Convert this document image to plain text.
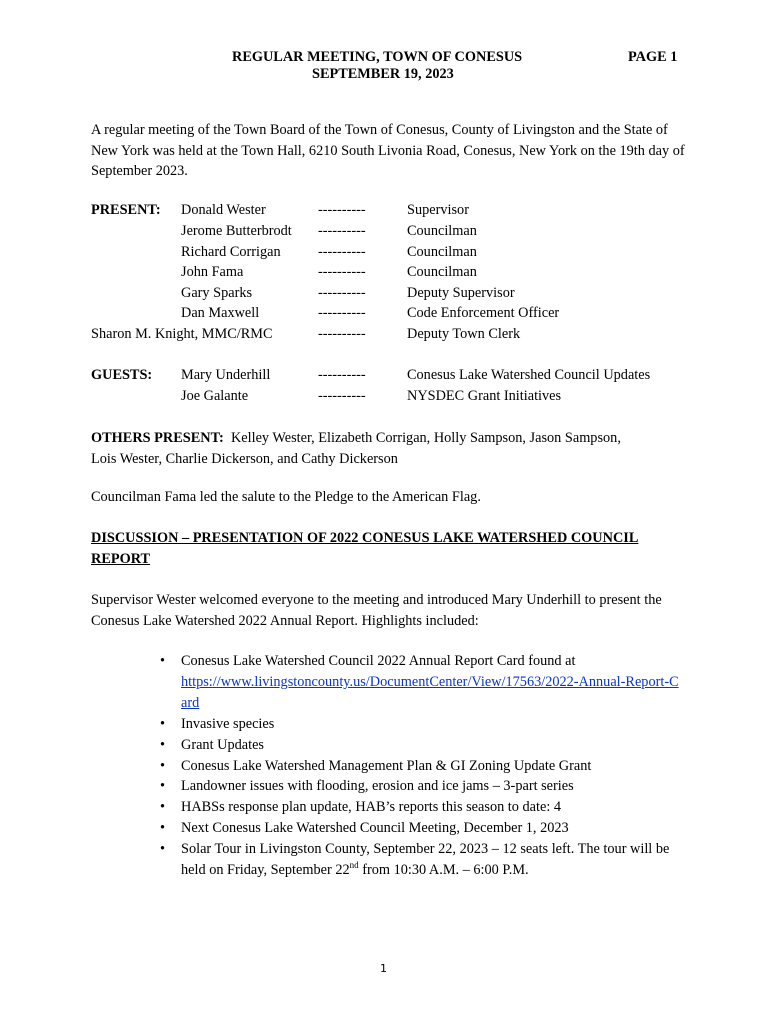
REGULAR MEETING, TOWN OF CONESUS	PAGE 1
SEPTEMBER 19, 2023
A regular meeting of the Town Board of the Town of Conesus, County of Livingston and the State of New York was held at the Town Hall, 6210 South Livonia Road, Conesus, New York on the 19th day of September 2023.
PRESENT: Donald Wester	----------	Supervisor
Jerome Butterbrodt ----------	Councilman
Richard Corrigan	----------	Councilman
John Fama	----------	Councilman
Gary Sparks	----------	Deputy Supervisor
Dan Maxwell	----------	Code Enforcement Officer
Sharon M. Knight, MMC/RMC	----------	Deputy Town Clerk
GUESTS: Mary Underhill	----------	Conesus Lake Watershed Council Updates
Joe Galante	----------	NYSDEC Grant Initiatives
OTHERS PRESENT: Kelley Wester, Elizabeth Corrigan, Holly Sampson, Jason Sampson,
Lois Wester, Charlie Dickerson, and Cathy Dickerson
Councilman Fama led the salute to the Pledge to the American Flag.
DISCUSSION – PRESENTATION OF 2022 CONESUS LAKE WATERSHED COUNCIL REPORT
Supervisor Wester welcomed everyone to the meeting and introduced Mary Underhill to present the Conesus Lake Watershed 2022 Annual Report. Highlights included:
• Conesus Lake Watershed Council 2022 Annual Report Card found at
https://www.livingstoncounty.us/DocumentCenter/View/17563/2022-Annual-Report-Card
• Invasive species
• Grant Updates
• Conesus Lake Watershed Management Plan & GI Zoning Update Grant
• Landowner issues with flooding, erosion and ice jams – 3-part series
• HABSs response plan update, HAB’s reports this season to date: 4
• Next Conesus Lake Watershed Council Meeting, December 1, 2023
• Solar Tour in Livingston County, September 22, 2023 – 12 seats left. The tour will be held on Friday, September 22nd from 10:30 A.M. – 6:00 P.M.
1
